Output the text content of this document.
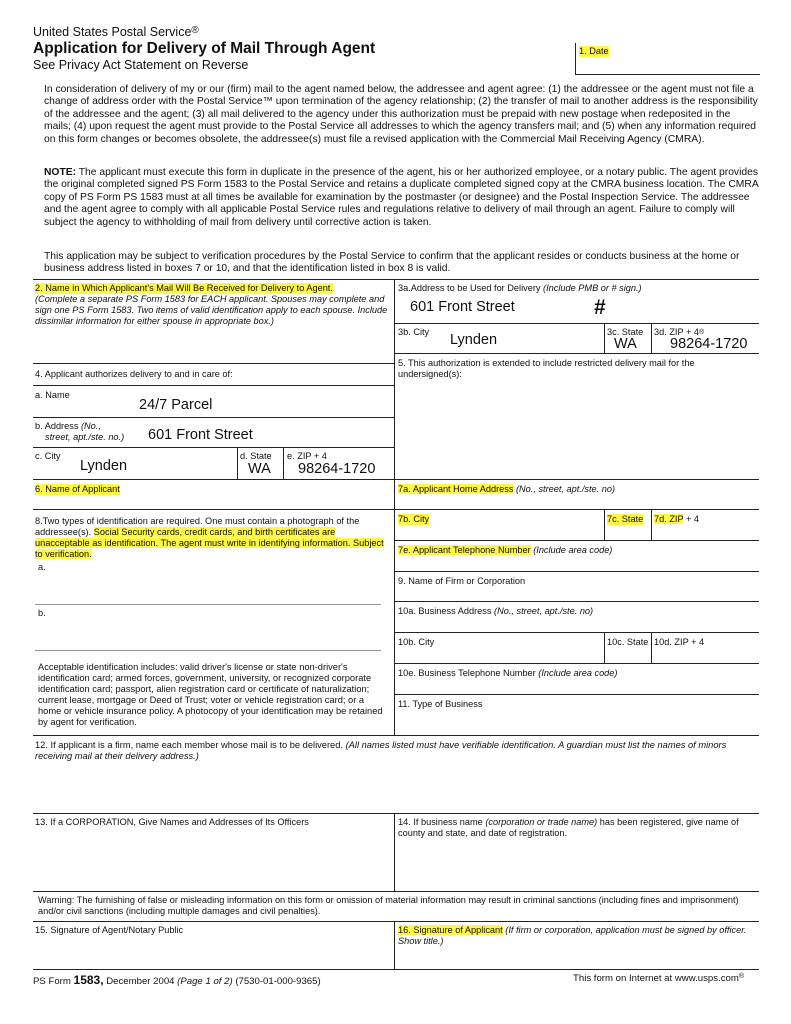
United States Postal Service®
Application for Delivery of Mail Through Agent
See Privacy Act Statement on Reverse
1. Date
In consideration of delivery of my or our (firm) mail to the agent named below, the addressee and agent agree: (1) the addressee or the agent must not file a change of address order with the Postal Service™ upon termination of the agency relationship; (2) the transfer of mail to another address is the responsibility of the addressee and the agent; (3) all mail delivered to the agency under this authorization must be prepaid with new postage when redeposited in the mails; (4) upon request the agent must provide to the Postal Service all addresses to which the agency transfers mail; and (5) when any information required on this form changes or becomes obsolete, the addressee(s) must file a revised application with the Commercial Mail Receiving Agency (CMRA).
NOTE: The applicant must execute this form in duplicate in the presence of the agent, his or her authorized employee, or a notary public. The agent provides the original completed signed PS Form 1583 to the Postal Service and retains a duplicate completed signed copy at the CMRA business location. The CMRA copy of PS Form PS 1583 must at all times be available for examination by the postmaster (or designee) and the Postal Inspection Service. The addressee and the agent agree to comply with all applicable Postal Service rules and regulations relative to delivery of mail through an agent. Failure to comply will subject the agency to withholding of mail from delivery until corrective action is taken.
This application may be subject to verification procedures by the Postal Service to confirm that the applicant resides or conducts business at the home or business address listed in boxes 7 or 10, and that the identification listed in box 8 is valid.
2. Name in Which Applicant's Mail Will Be Received for Delivery to Agent.
(Complete a separate PS Form 1583 for EACH applicant. Spouses may complete and sign one PS Form 1583. Two items of valid identification apply to each spouse. Include dissimilar information for either spouse in appropriate box.)
3a.Address to be Used for Delivery (Include PMB or # sign.)
601 Front Street	#
3b. City Lynden	3c. State
WA
3d. ZIP + 4®
98264-1720
4. Applicant authorizes delivery to and in care of:
a. Name
24/7 Parcel
b. Address (No.,
street, apt./ste. no.) 601 Front Street
c. City
Lynden
d. State
WA
e. ZIP + 4
98264-1720
5. This authorization is extended to include restricted delivery mail for the undersigned(s):
6. Name of Applicant	7a. Applicant Home Address (No., street, apt./ste. no)
7b. City	7c. State 7d. ZIP + 4
7e. Applicant Telephone Number (Include area code)
8.Two types of identification are required. One must contain a photograph of the addressee(s). Social Security cards, credit cards, and birth certificates are unacceptable as identification. The agent must write in identifying information. Subject to verification.
a.
b.
Acceptable identification includes: valid driver's license or state non-driver's identification card; armed forces, government, university, or recognized corporate identification card; passport, alien registration card or certificate of naturalization; current lease, mortgage or Deed of Trust; voter or vehicle registration card; or a home or vehicle insurance policy. A photocopy of your identification may be retained by agent for verification.
9. Name of Firm or Corporation
10a. Business Address (No., street, apt./ste. no)
10b. City	10c. State 10d. ZIP + 4
10e. Business Telephone Number (Include area code)
11. Type of Business
12. If applicant is a firm, name each member whose mail is to be delivered. (All names listed must have verifiable identification. A guardian must list the names of minors receiving mail at their delivery address.)
13. If a CORPORATION, Give Names and Addresses of Its Officers	14. If business name (corporation or trade name) has been registered, give name of county and state, and date of registration.
Warning: The furnishing of false or misleading information on this form or omission of material information may result in criminal sanctions (including fines and imprisonment) and/or civil sanctions (including multiple damages and civil penalties).
15. Signature of Agent/Notary Public	16. Signature of Applicant (If firm or corporation, application must be signed by officer. Show title.)
PS Form 1583, December 2004 (Page 1 of 2) (7530-01-000-9365)	This form on Internet at www.usps.com®
